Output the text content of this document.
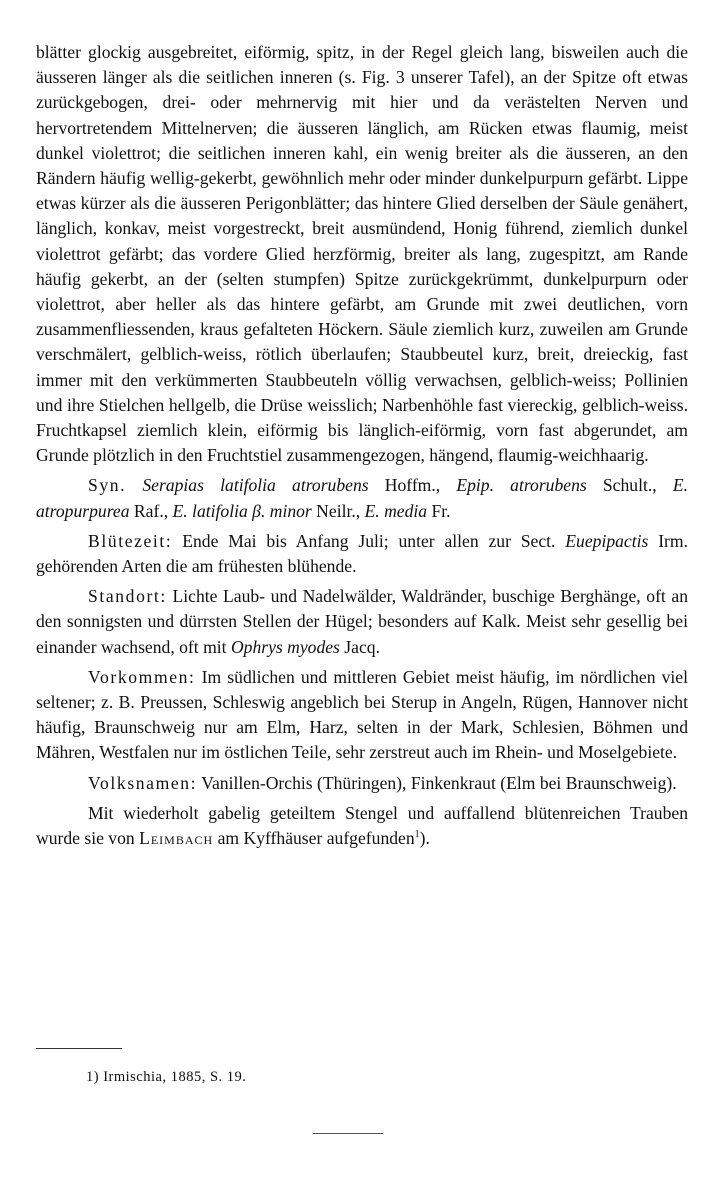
blätter glockig ausgebreitet, eiförmig, spitz, in der Regel gleich lang, bisweilen auch die äusseren länger als die seitlichen inneren (s. Fig. 3 unserer Tafel), an der Spitze oft etwas zurückgebogen, drei- oder mehrnervig mit hier und da verästelten Nerven und hervortretendem Mittelnerven; die äusseren länglich, am Rücken etwas flaumig, meist dunkel violettrot; die seitlichen inneren kahl, ein wenig breiter als die äusseren, an den Rändern häufig wellig-gekerbt, gewöhnlich mehr oder minder dunkelpurpurn gefärbt. Lippe etwas kürzer als die äusseren Perigonblätter; das hintere Glied derselben der Säule genähert, länglich, konkav, meist vorgestreckt, breit ausmündend, Honig führend, ziemlich dunkel violettrot gefärbt; das vordere Glied herzförmig, breiter als lang, zugespitzt, am Rande häufig gekerbt, an der (selten stumpfen) Spitze zurückgekrümmt, dunkelpurpurn oder violettrot, aber heller als das hintere gefärbt, am Grunde mit zwei deutlichen, vorn zusammenfliessenden, kraus gefalteten Höckern. Säule ziemlich kurz, zuweilen am Grunde verschmälert, gelblich-weiss, rötlich überlaufen; Staubbeutel kurz, breit, dreieckig, fast immer mit den verkümmerten Staubbeuteln völlig verwachsen, gelblich-weiss; Pollinien und ihre Stielchen hellgelb, die Drüse weisslich; Narbenhöhle fast viereckig, gelblich-weiss. Fruchtkapsel ziemlich klein, eiförmig bis länglich-eiförmig, vorn fast abgerundet, am Grunde plötzlich in den Fruchtstiel zusammengezogen, hängend, flaumig-weichhaarig.

Syn. Serapias latifolia atrorubens Hoffm., Epip. atrorubens Schult., E. atropurpurea Raf., E. latifolia β. minor Neilr., E. media Fr.

Blütezeit: Ende Mai bis Anfang Juli; unter allen zur Sect. Euepipactis Irm. gehörenden Arten die am frühesten blühende.

Standort: Lichte Laub- und Nadelwälder, Waldränder, buschige Berghänge, oft an den sonnigsten und dürrsten Stellen der Hügel; besonders auf Kalk. Meist sehr gesellig bei einander wachsend, oft mit Ophrys myodes Jacq.

Vorkommen: Im südlichen und mittleren Gebiet meist häufig, im nördlichen viel seltener; z. B. Preussen, Schleswig angeblich bei Sterup in Angeln, Rügen, Hannover nicht häufig, Braunschweig nur am Elm, Harz, selten in der Mark, Schlesien, Böhmen und Mähren, Westfalen nur im östlichen Teile, sehr zerstreut auch im Rhein- und Moselgebiete.

Volksnamen: Vanillen-Orchis (Thüringen), Finkenkraut (Elm bei Braunschweig).

Mit wiederholt gabelig geteiltem Stengel und auffallend blütenreichen Trauben wurde sie von Leimbach am Kyffhäuser aufgefunden$^1$).

1) Irmischia, 1885, S. 19.
